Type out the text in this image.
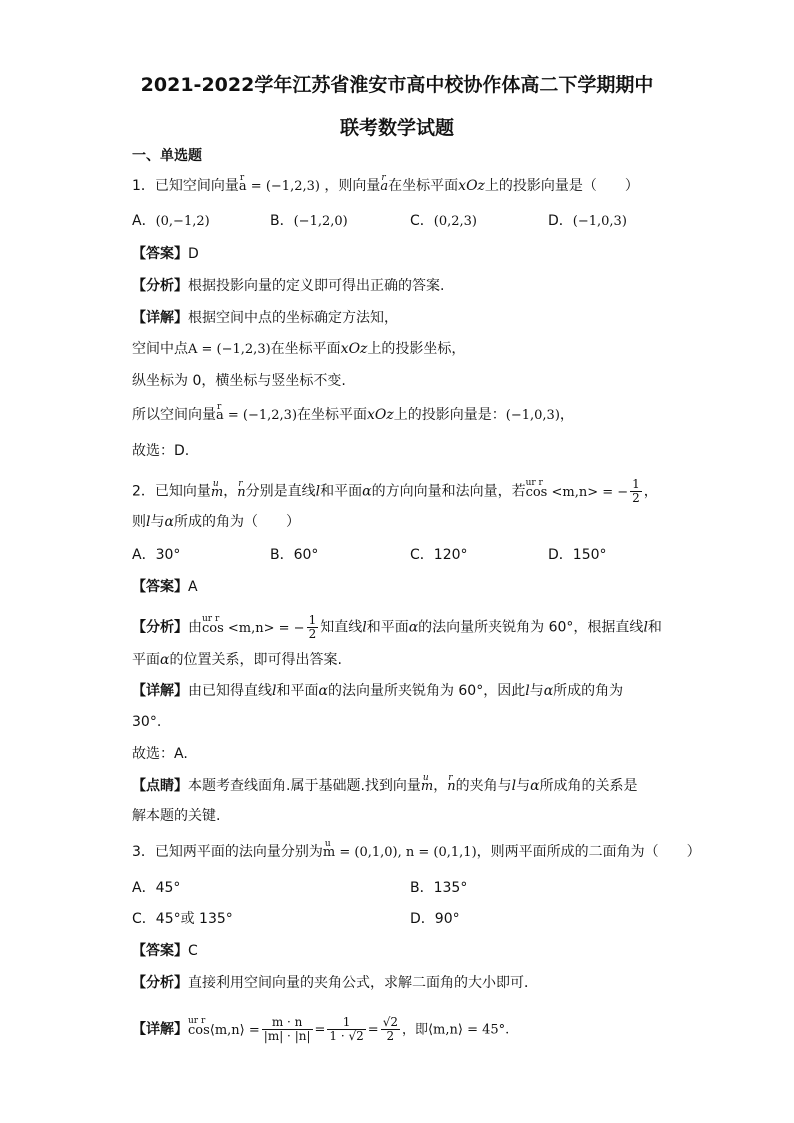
2021-2022学年江苏省淮安市高中校协作体高二下学期期中
联考数学试题
一、单选题
1．已知空间向量r a = (−1,2,3) ，则向量r a在坐标平面xOz上的投影向量是（　　）
A．(0,−1,2)	B．(−1,2,0)	C．(0,2,3)	D．(−1,0,3)
【答案】D
【分析】根据投影向量的定义即可得出正确的答案.
【详解】根据空间中点的坐标确定方法知，
空间中点A = (−1,2,3)在坐标平面xOz上的投影坐标，
纵坐标为 0，横坐标与竖坐标不变.
所以空间向量r a = (−1,2,3)在坐标平面xOz上的投影向量是：(−1,0,3)，
故选：D.
2．已知向量u m，r n分别是直线l和平面α的方向向量和法向量，若ur r cos <m,n> = − $\frac{1}{2}$ ，
则l与α所成的角为（　　）
A．30°	B．60°	C．120°	D．150°
【答案】A
【分析】由ur r cos <m,n> = − $\frac{1}{2}$ 知直线l和平面α的法向量所夹锐角为 60°，根据直线l和
平面α的位置关系，即可得出答案.
【详解】由已知得直线l和平面α的法向量所夹锐角为 60°，因此l与α所成的角为
30°.
故选：A.
【点睛】本题考查线面角.属于基础题.找到向量u m，r n的夹角与l与α所成角的关系是
解本题的关键.
3．已知两平面的法向量分别为u m = (0,1,0), n = (0,1,1)，则两平面所成的二面角为（　　）
A．45°	B．135°
C．45°或 135°	D．90°
【答案】C
【分析】直接利用空间向量的夹角公式，求解二面角的大小即可．
【详解】ur r cos⟨m,n⟩ = $\frac{m \cdot n}{|m| \cdot |n|} = \frac{1}{1 \cdot √2} = \frac{√2}{2}$ ，即⟨m,n⟩ = 45°.
